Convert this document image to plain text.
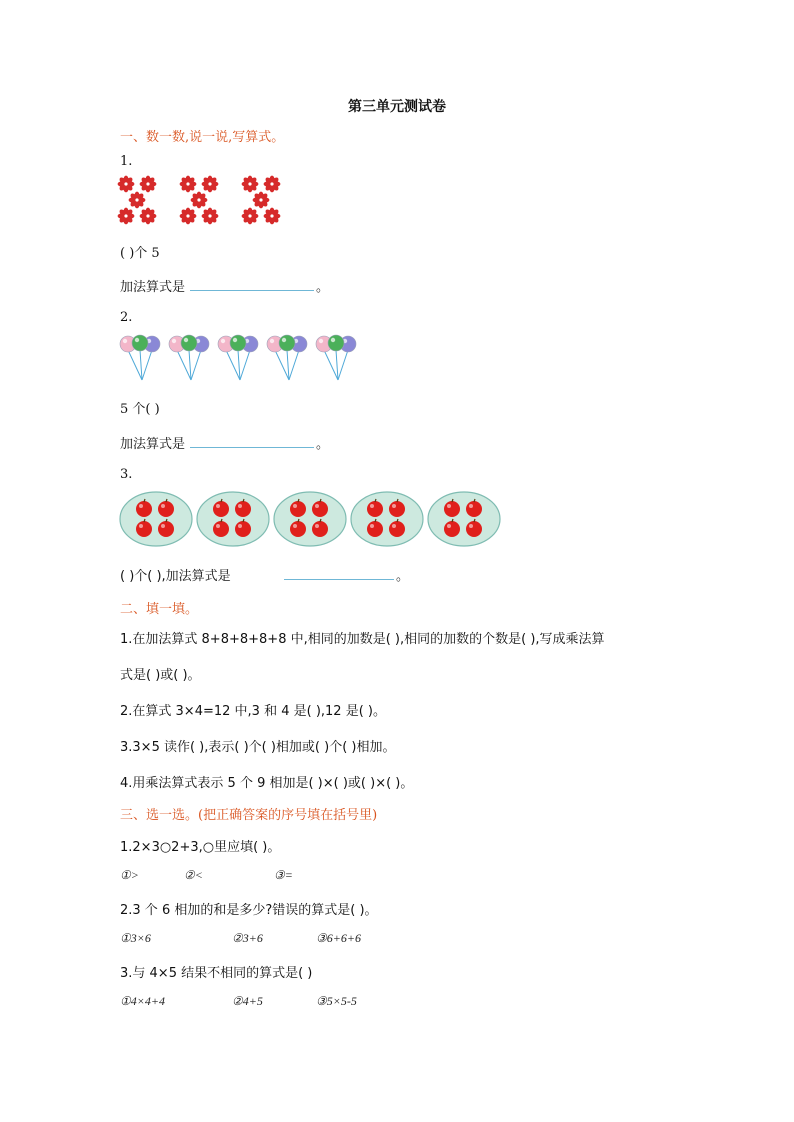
第三单元测试卷
一、数一数,说一说,写算式。
1.
( )个 5
加法算式是	。
2.
5 个( )
加法算式是	。
3.
( )个( ),加法算式是	。
二、填一填。
1.在加法算式 8+8+8+8+8 中,相同的加数是( ),相同的加数的个数是( ),写成乘法算
式是( )或( )。
2.在算式 3×4=12 中,3 和 4 是( ),12 是( )。
3.3×5 读作( ),表示( )个( )相加或( )个( )相加。
4.用乘法算式表示 5 个 9 相加是( )×( )或( )×( )。
三、选一选。(把正确答案的序号填在括号里)
1.2×3○2+3,○里应填( )。
①>	②<	③=
2.3 个 6 相加的和是多少?错误的算式是( )。
①3×6	②3+6	③6+6+6
3.与 4×5 结果不相同的算式是( )
①4×4+4	②4+5	③5×5-5
